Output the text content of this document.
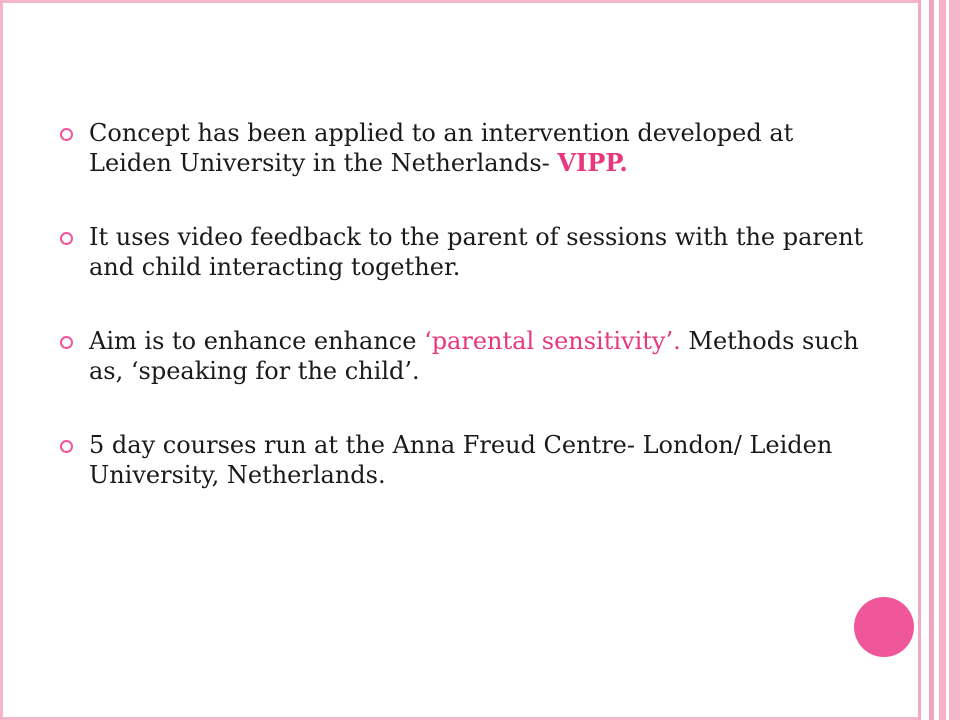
Concept has been applied to an intervention developed at Leiden University in the Netherlands- VIPP.
It uses video feedback to the parent of sessions with the parent and child interacting together.
Aim is to enhance enhance ‘parental sensitivity’. Methods such as, ‘speaking for the child’.
5 day courses run at the Anna Freud Centre- London/ Leiden University, Netherlands.
